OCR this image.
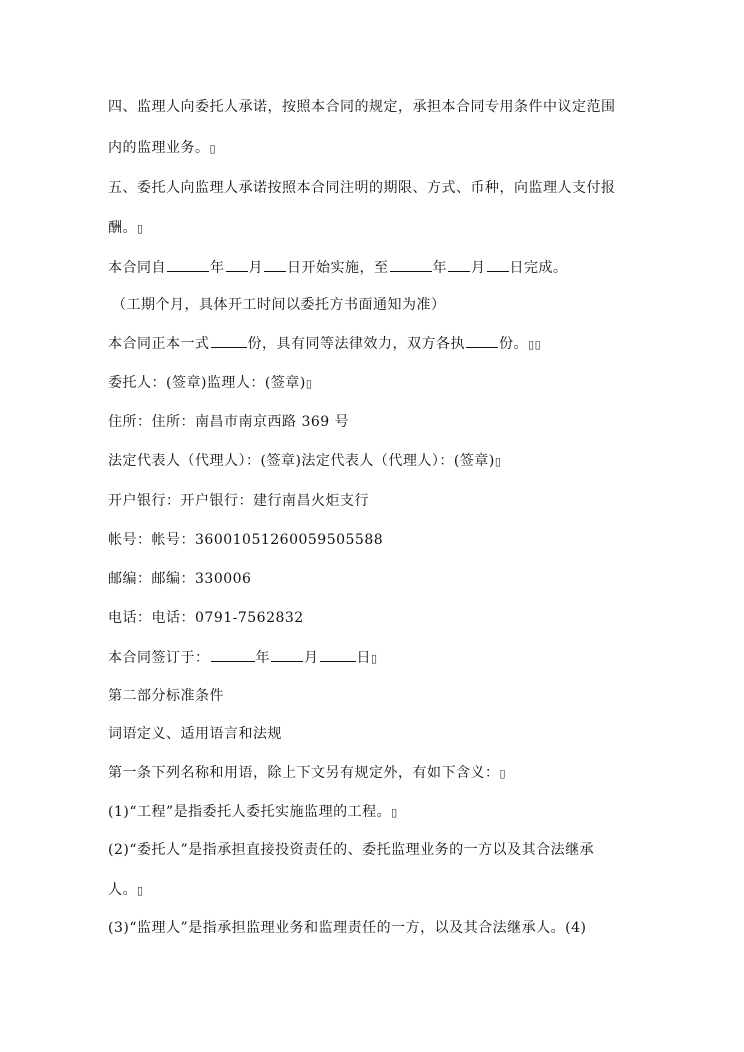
四、监理人向委托人承诺，按照本合同的规定，承担本合同专用条件中议定范围
内的监理业务。▯
五、委托人向监理人承诺按照本合同注明的期限、方式、币种，向监理人支付报
酬。▯
本合同自	年 月 日开始实施，至	年 月 日完成。
（工期个月，具体开工时间以委托方书面通知为准）
本合同正本一式	份，具有同等法律效力，双方各执 份。▯▯
委托人：(签章)监理人：(签章)▯
住所：住所：南昌市南京西路 369 号
法定代表人（代理人）：(签章)法定代表人（代理人）：(签章)▯
开户银行：开户银行：建行南昌火炬支行
帐号：帐号：36001051260059505588
邮编：邮编：330006
电话：电话：0791-7562832
本合同签订于：	年 月	日▯
第二部分标准条件
词语定义、适用语言和法规
第一条下列名称和用语，除上下文另有规定外，有如下含义：▯
(1)“工程”是指委托人委托实施监理的工程。▯
(2)“委托人”是指承担直接投资责任的、委托监理业务的一方以及其合法继承
人。▯
(3)“监理人”是指承担监理业务和监理责任的一方，以及其合法继承人。(4)
